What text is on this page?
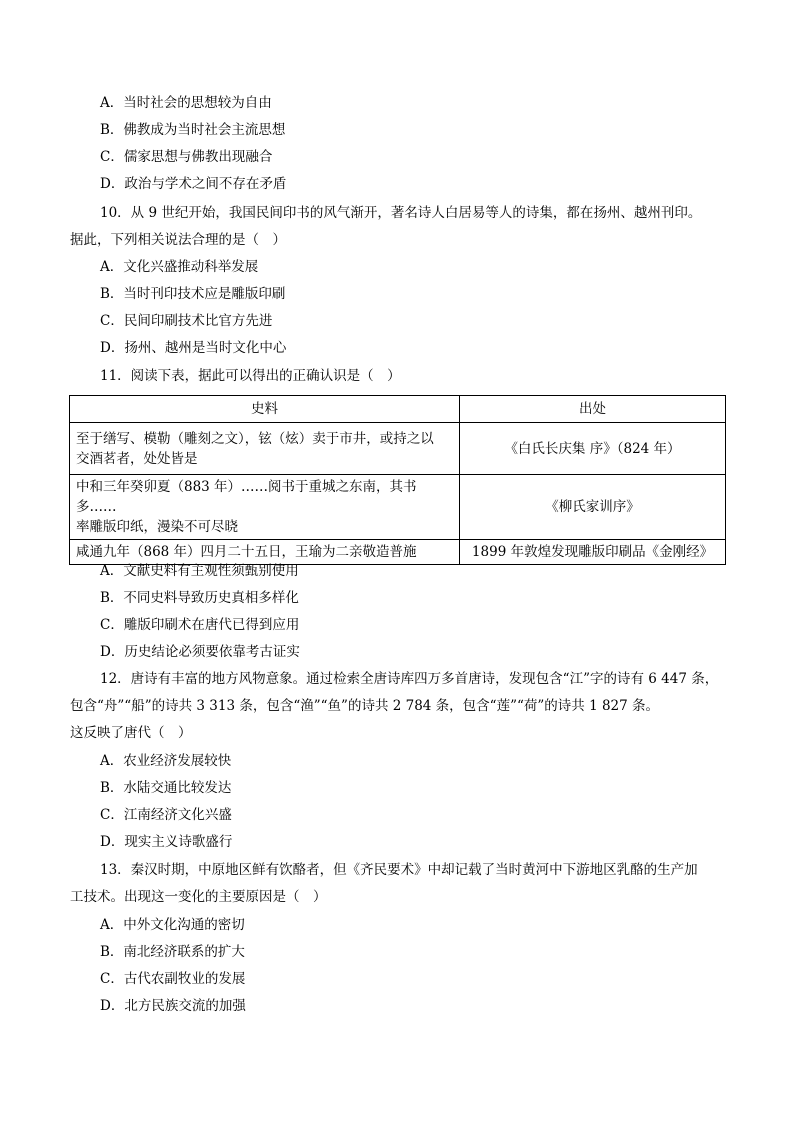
A．当时社会的思想较为自由
B．佛教成为当时社会主流思想
C．儒家思想与佛教出现融合
D．政治与学术之间不存在矛盾
10．从 9 世纪开始，我国民间印书的风气渐开，著名诗人白居易等人的诗集，都在扬州、越州刊印。
据此，下列相关说法合理的是（　）
A．文化兴盛推动科举发展
B．当时刊印技术应是雕版印刷
C．民间印刷技术比官方先进
D．扬州、越州是当时文化中心
11．阅读下表，据此可以得出的正确认识是（　）
史料	出处

至于缮写、模勒（雕刻之文），铉（炫）卖于市井，或持之以
交酒茗者，处处皆是	《白氏长庆集 序》（824 年）

中和三年癸卯夏（883 年）……阅书于重城之东南，其书多……
率雕版印纸，漫染不可尽晓	《柳氏家训序》
咸通九年（868 年）四月二十五日，王瑜为二亲敬造普施	1899 年敦煌发现雕版印刷品《金刚经》
A．文献史料有主观性须甄别使用
B．不同史料导致历史真相多样化
C．雕版印刷术在唐代已得到应用
D．历史结论必须要依靠考古证实
12．唐诗有丰富的地方风物意象。通过检索全唐诗库四万多首唐诗，发现包含“江”字的诗有 6 447 条，
包含“舟”“船”的诗共 3 313 条，包含“渔”“鱼”的诗共 2 784 条，包含“莲”“荷”的诗共 1 827 条。
这反映了唐代（　）
A．农业经济发展较快
B．水陆交通比较发达
C．江南经济文化兴盛
D．现实主义诗歌盛行
13．秦汉时期，中原地区鲜有饮酪者，但《齐民要术》中却记载了当时黄河中下游地区乳酪的生产加
工技术。出现这一变化的主要原因是（　）
A．中外文化沟通的密切
B．南北经济联系的扩大
C．古代农副牧业的发展
D．北方民族交流的加强
